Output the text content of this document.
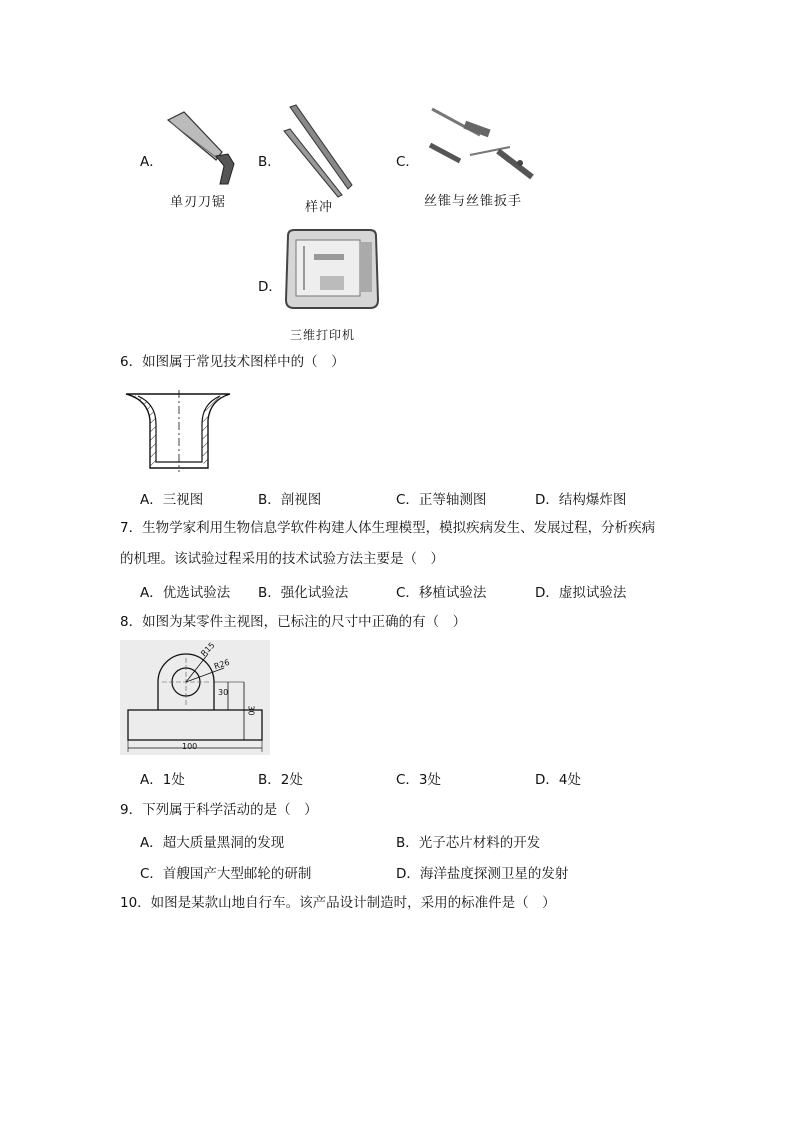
A．
单刃刀锯
B．
样冲
C．
丝锥与丝锥扳手
D．
三维打印机
6．如图属于常见技术图样中的（　）
A．三视图	B．剖视图	C．正等轴测图	D．结构爆炸图
7．生物学家利用生物信息学软件构建人体生理模型，模拟疾病发生、发展过程，分析疾病
的机理。该试验过程采用的技术试验方法主要是（　）
A．优选试验法 B．强化试验法	C．移植试验法	D．虚拟试验法
8．如图为某零件主视图，已标注的尺寸中正确的有（　）
R15
R26
30
30
100
A．1处	B．2处	C．3处	D．4处
9．下列属于科学活动的是（　）
A．超大质量黑洞的发现	B．光子芯片材料的开发
C．首艘国产大型邮轮的研制	D．海洋盐度探测卫星的发射
10．如图是某款山地自行车。该产品设计制造时，采用的标准件是（　）
